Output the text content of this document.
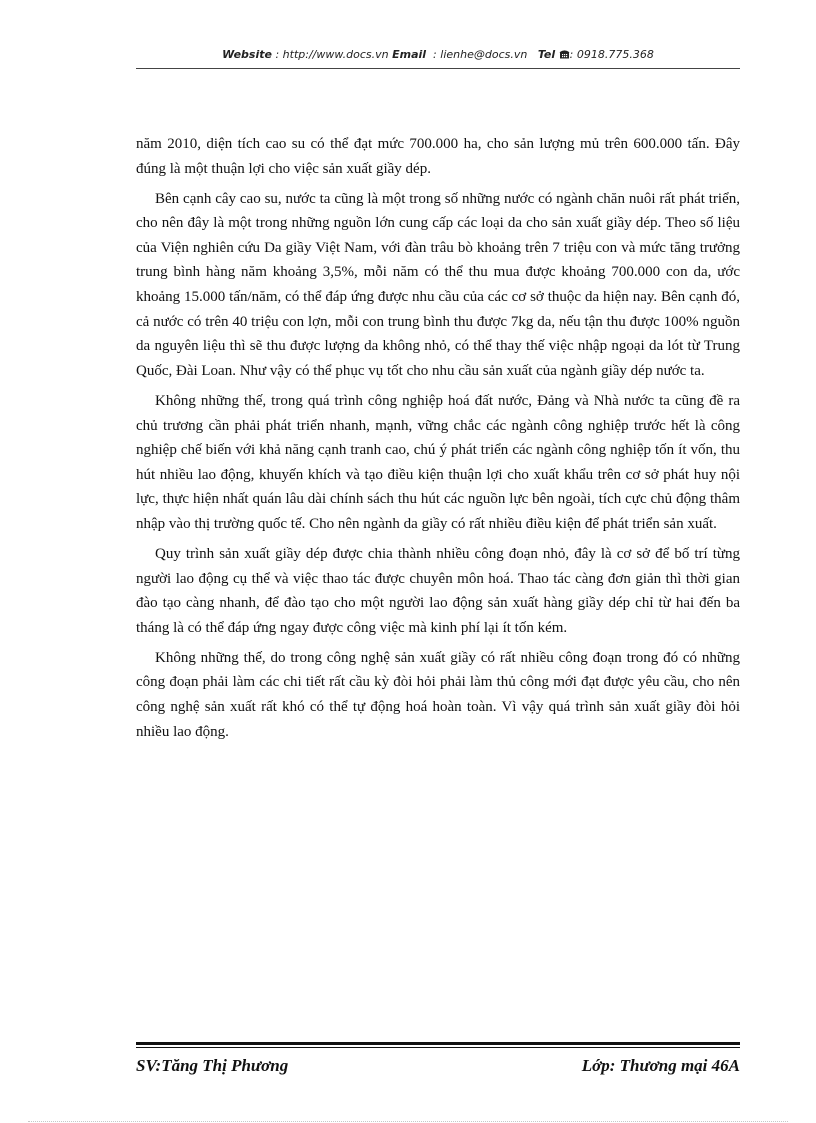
Website : http://www.docs.vn Email  : lienhe@docs.vn Tel : 0918.775.368

năm 2010, diện tích cao su có thể đạt mức 700.000 ha, cho sản lượng mủ trên 600.000 tấn. Đây đúng là một thuận lợi cho việc sản xuất giầy dép.

Bên cạnh cây cao su, nước ta cũng là một trong số những nước có ngành chăn nuôi rất phát triển, cho nên đây là một trong những nguồn lớn cung cấp các loại da cho sản xuất giầy dép. Theo số liệu của Viện nghiên cứu Da giầy Việt Nam, với đàn trâu bò khoảng trên 7 triệu con và mức tăng trưởng trung bình hàng năm khoảng 3,5%, mỗi năm có thể thu mua được khoảng 700.000 con da, ước khoảng 15.000 tấn/năm, có thể đáp ứng được nhu cầu của các cơ sở thuộc da hiện nay. Bên cạnh đó, cả nước có trên 40 triệu con lợn, mỗi con trung bình thu được 7kg da, nếu tận thu được 100% nguồn da nguyên liệu thì sẽ thu được lượng da không nhỏ, có thể thay thế việc nhập ngoại da lót từ Trung Quốc, Đài Loan. Như vậy có thể phục vụ tốt cho nhu cầu sản xuất của ngành giầy dép nước ta.

Không những thế, trong quá trình công nghiệp hoá đất nước, Đảng và Nhà nước ta cũng đề ra chủ trương cần phải phát triển nhanh, mạnh, vững chắc các ngành công nghiệp trước hết là công nghiệp chế biến với khả năng cạnh tranh cao, chú ý phát triển các ngành công nghiệp tốn ít vốn, thu hút nhiều lao động, khuyến khích và tạo điều kiện thuận lợi cho xuất khẩu trên cơ sở phát huy nội lực, thực hiện nhất quán lâu dài chính sách thu hút các nguồn lực bên ngoài, tích cực chủ động thâm nhập vào thị trường quốc tế. Cho nên ngành da giầy có rất nhiều điều kiện để phát triển sản xuất.

Quy trình sản xuất giầy dép được chia thành nhiều công đoạn nhỏ, đây là cơ sở để bố trí từng người lao động cụ thể và việc thao tác được chuyên môn hoá. Thao tác càng đơn giản thì thời gian đào tạo càng nhanh, để đào tạo cho một người lao động sản xuất hàng giầy dép chỉ từ hai đến ba tháng là có thể đáp ứng ngay được công việc mà kinh phí lại ít tốn kém.

Không những thế, do trong công nghệ sản xuất giầy có rất nhiều công đoạn trong đó có những công đoạn phải làm các chi tiết rất cầu kỳ đòi hỏi phải làm thủ công mới đạt được yêu cầu, cho nên công nghệ sản xuất rất khó có thể tự động hoá hoàn toàn. Vì vậy quá trình sản xuất giầy đòi hỏi nhiều lao động.

SV:Tăng Thị Phương	Lớp: Thương mại 46A
